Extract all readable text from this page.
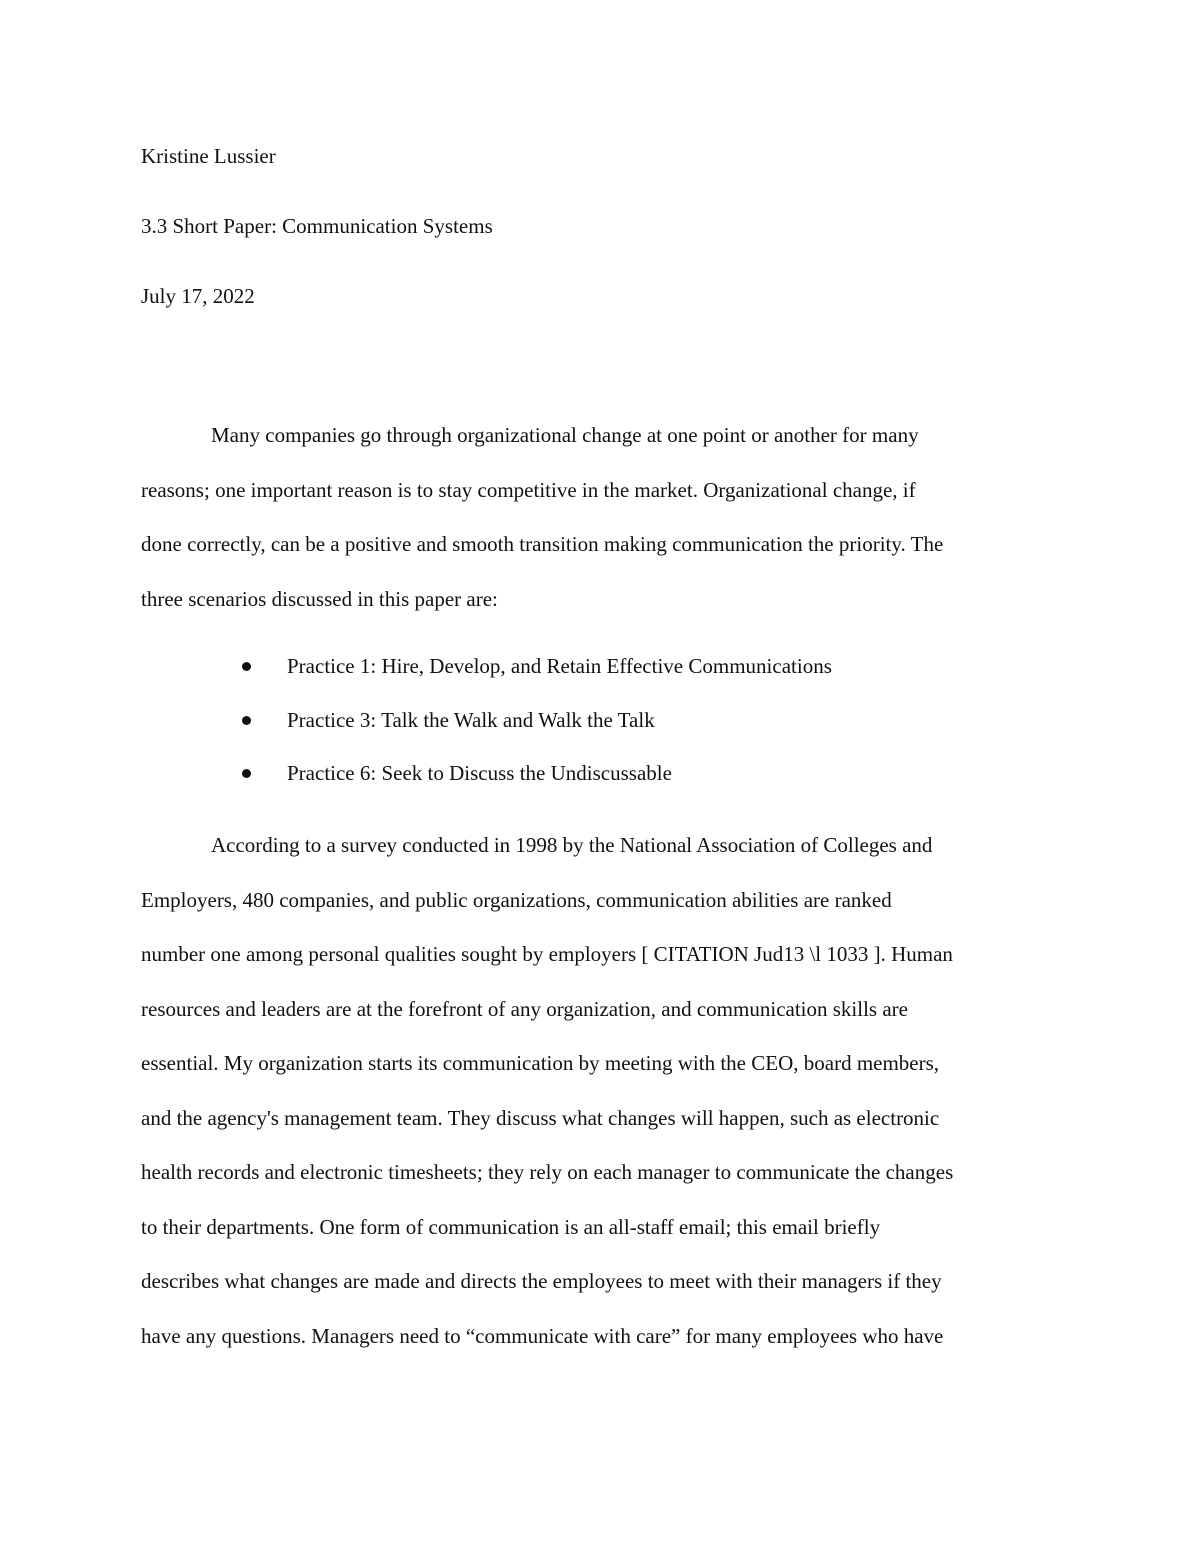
Kristine Lussier
3.3 Short Paper: Communication Systems
July 17, 2022
Many companies go through organizational change at one point or another for many
reasons; one important reason is to stay competitive in the market. Organizational change, if
done correctly, can be a positive and smooth transition making communication the priority. The
three scenarios discussed in this paper are:
Practice 1: Hire, Develop, and Retain Effective Communications
Practice 3: Talk the Walk and Walk the Talk
Practice 6: Seek to Discuss the Undiscussable
According to a survey conducted in 1998 by the National Association of Colleges and
Employers, 480 companies, and public organizations, communication abilities are ranked
number one among personal qualities sought by employers [ CITATION Jud13 \l 1033 ]. Human
resources and leaders are at the forefront of any organization, and communication skills are
essential. My organization starts its communication by meeting with the CEO, board members,
and the agency's management team. They discuss what changes will happen, such as electronic
health records and electronic timesheets; they rely on each manager to communicate the changes
to their departments. One form of communication is an all-staff email; this email briefly
describes what changes are made and directs the employees to meet with their managers if they
have any questions. Managers need to “communicate with care” for many employees who have
